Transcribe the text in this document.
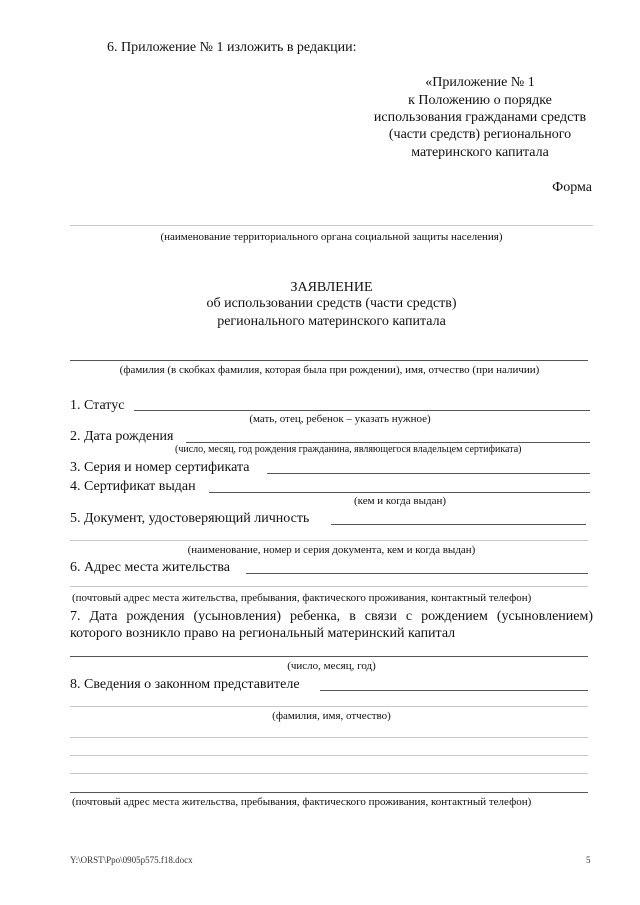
6. Приложение № 1 изложить в редакции:
«Приложение № 1
к Положению о порядке
использования гражданами средств
(части средств) регионального
материнского капитала
Форма
(наименование территориального органа социальной защиты населения)
ЗАЯВЛЕНИЕ
об использовании средств (части средств)
регионального материнского капитала
(фамилия (в скобках фамилия, которая была при рождении), имя, отчество (при наличии)
1. Статус
(мать, отец, ребенок – указать нужное)
2. Дата рождения
(число, месяц, год рождения гражданина, являющегося владельцем сертификата)
3. Серия и номер сертификата
4. Сертификат выдан
(кем и когда выдан)
5. Документ, удостоверяющий личность
(наименование, номер и серия документа, кем и когда выдан)
6. Адрес места жительства
(почтовый адрес места жительства, пребывания, фактического проживания, контактный телефон)
7. Дата рождения (усыновления) ребенка, в связи с рождением (усыновлением) которого возникло право на региональный материнский капитал
(число, месяц, год)
8. Сведения о законном представителе
(фамилия, имя, отчество)
(почтовый адрес места жительства, пребывания, фактического проживания, контактный телефон)
Y:\ORST\Ppo\0905p575.f18.docx	5
